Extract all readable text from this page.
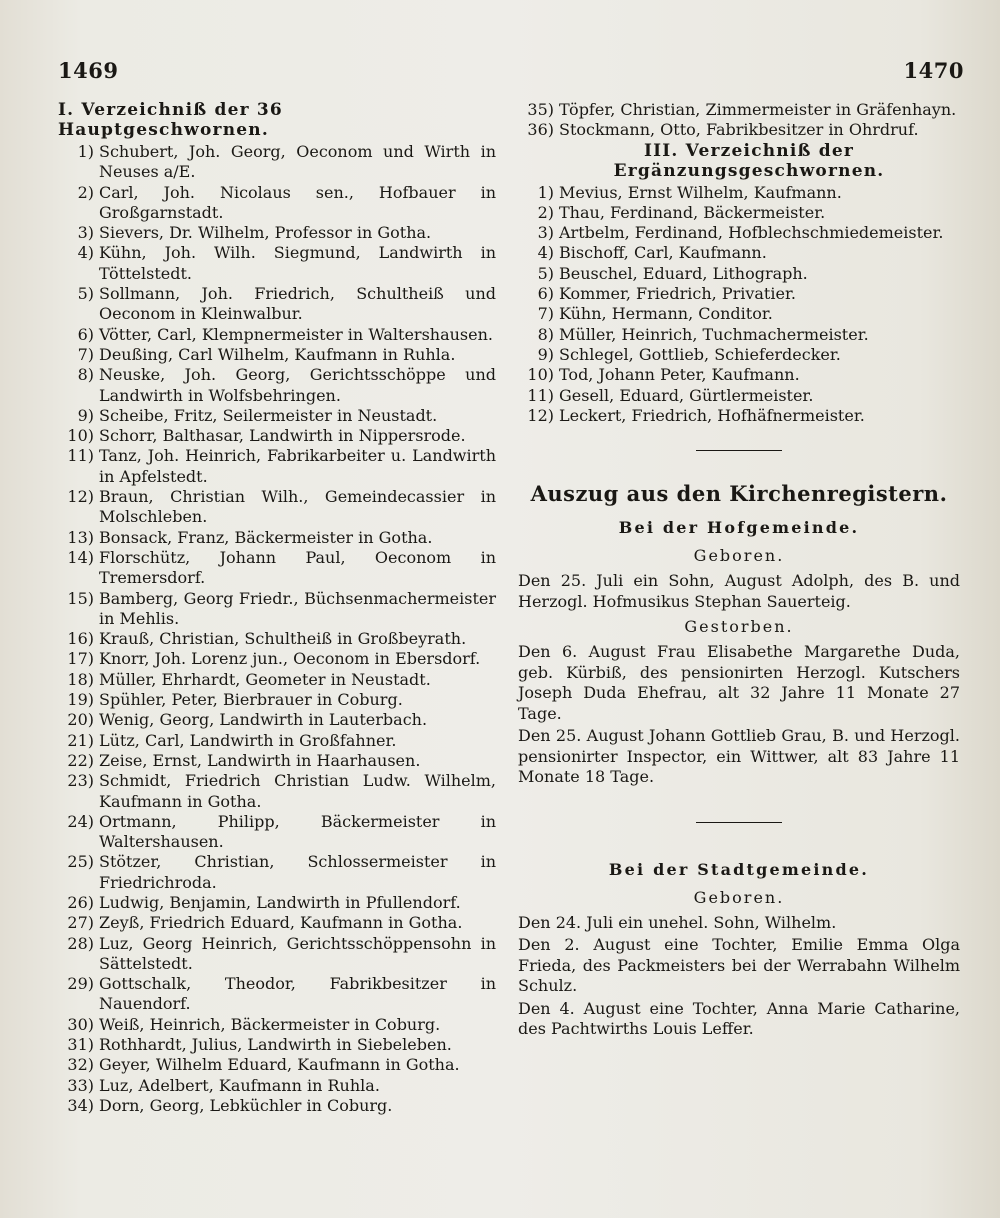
1469	1470
I. Verzeichniß der 36 Hauptgeschwornen.
1) Schubert, Joh. Georg, Oeconom und Wirth in Neuses a/E.
2) Carl, Joh. Nicolaus sen., Hofbauer in Großgarnstadt.
3) Sievers, Dr. Wilhelm, Professor in Gotha.
4) Kühn, Joh. Wilh. Siegmund, Landwirth in Töttelstedt.
5) Sollmann, Joh. Friedrich, Schultheiß und Oeconom in Kleinwalbur.
6) Vötter, Carl, Klempnermeister in Waltershausen.
7) Deußing, Carl Wilhelm, Kaufmann in Ruhla.
8) Neuske, Joh. Georg, Gerichtsschöppe und Landwirth in Wolfsbehringen.
9) Scheibe, Fritz, Seilermeister in Neustadt.
10) Schorr, Balthasar, Landwirth in Nippersrode.
11) Tanz, Joh. Heinrich, Fabrikarbeiter u. Landwirth in Apfelstedt.
12) Braun, Christian Wilh., Gemeindecassier in Molschleben.
13) Bonsack, Franz, Bäckermeister in Gotha.
14) Florschütz, Johann Paul, Oeconom in Tremersdorf.
15) Bamberg, Georg Friedr., Büchsenmachermeister in Mehlis.
16) Krauß, Christian, Schultheiß in Großbeyrath.
17) Knorr, Joh. Lorenz jun., Oeconom in Ebersdorf.
18) Müller, Ehrhardt, Geometer in Neustadt.
19) Spühler, Peter, Bierbrauer in Coburg.
20) Wenig, Georg, Landwirth in Lauterbach.
21) Lütz, Carl, Landwirth in Großfahner.
22) Zeise, Ernst, Landwirth in Haarhausen.
23) Schmidt, Friedrich Christian Ludw. Wilhelm, Kaufmann in Gotha.
24) Ortmann, Philipp, Bäckermeister in Waltershausen.
25) Stötzer, Christian, Schlossermeister in Friedrichroda.
26) Ludwig, Benjamin, Landwirth in Pfullendorf.
27) Zeyß, Friedrich Eduard, Kaufmann in Gotha.
28) Luz, Georg Heinrich, Gerichtsschöppensohn in Sättelstedt.
29) Gottschalk, Theodor, Fabrikbesitzer in Nauendorf.
30) Weiß, Heinrich, Bäckermeister in Coburg.
31) Rothhardt, Julius, Landwirth in Siebeleben.
32) Geyer, Wilhelm Eduard, Kaufmann in Gotha.
33) Luz, Adelbert, Kaufmann in Ruhla.
34) Dorn, Georg, Lebküchler in Coburg.
35) Töpfer, Christian, Zimmermeister in Gräfenhayn.
36) Stockmann, Otto, Fabrikbesitzer in Ohrdruf.
III. Verzeichniß der Ergänzungsgeschwornen.
1) Mevius, Ernst Wilhelm, Kaufmann.
2) Thau, Ferdinand, Bäckermeister.
3) Artbelm, Ferdinand, Hofblechschmiedemeister.
4) Bischoff, Carl, Kaufmann.
5) Beuschel, Eduard, Lithograph.
6) Kommer, Friedrich, Privatier.
7) Kühn, Hermann, Conditor.
8) Müller, Heinrich, Tuchmachermeister.
9) Schlegel, Gottlieb, Schieferdecker.
10) Tod, Johann Peter, Kaufmann.
11) Gesell, Eduard, Gürtlermeister.
12) Leckert, Friedrich, Hofhäfnermeister.
Auszug aus den Kirchenregistern.
Bei der Hofgemeinde.
Geboren.
Den 25. Juli ein Sohn, August Adolph, des B. und Herzogl. Hofmusikus Stephan Sauerteig.
Gestorben.
Den 6. August Frau Elisabethe Margarethe Duda, geb. Kürbiß, des pensionirten Herzogl. Kutschers Joseph Duda Ehefrau, alt 32 Jahre 11 Monate 27 Tage.
Den 25. August Johann Gottlieb Grau, B. und Herzogl. pensionirter Inspector, ein Wittwer, alt 83 Jahre 11 Monate 18 Tage.
Bei der Stadtgemeinde.
Geboren.
Den 24. Juli ein unehel. Sohn, Wilhelm.
Den 2. August eine Tochter, Emilie Emma Olga Frieda, des Packmeisters bei der Werrabahn Wilhelm Schulz.
Den 4. August eine Tochter, Anna Marie Catharine, des Pachtwirths Louis Leffer.
